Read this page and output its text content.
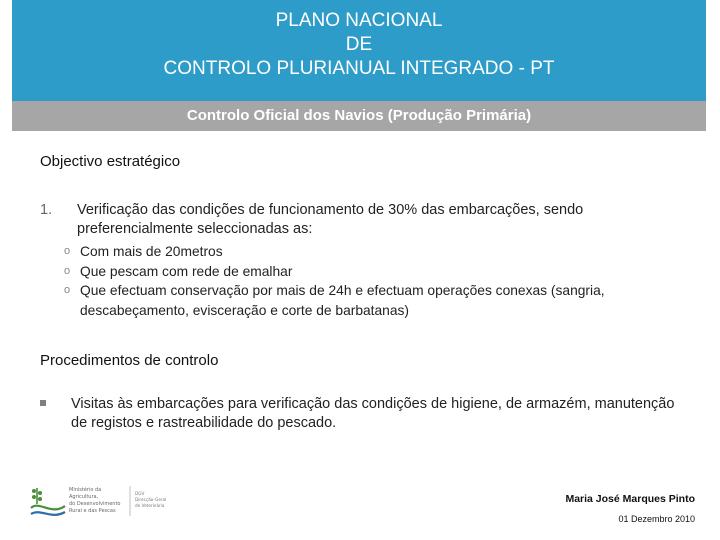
PLANO NACIONAL
DE
CONTROLO PLURIANUAL INTEGRADO - PT
Controlo Oficial dos Navios (Produção Primária)
Objectivo estratégico
1. Verificação das condições de funcionamento de 30% das embarcações, sendo preferencialmente seleccionadas as:
o Com mais de 20metros
o Que pescam com rede de emalhar
o Que efectuam conservação por mais de 24h e efectuam operações conexas (sangria, descabeçamento, evisceração e corte de barbatanas)
Procedimentos de controlo
Visitas às embarcações para verificação das condições de higiene, de armazém, manutenção de registos e rastreabilidade do pescado.
Ministério da
Agricultura,
do Desenvolvimento
Rural e das Pescas
DGV
Direcção-Geral
de Veterinária
Maria José Marques Pinto
01 Dezembro 2010
